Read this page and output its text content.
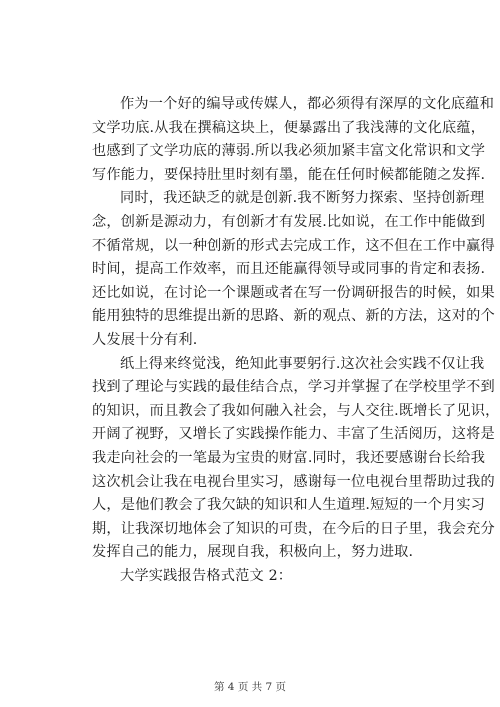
作为一个好的编导或传媒人，都必须得有深厚的文化底蕴和
文学功底.从我在撰稿这块上，便暴露出了我浅薄的文化底蕴，
也感到了文学功底的薄弱.所以我必须加紧丰富文化常识和文学
写作能力，要保持肚里时刻有墨，能在任何时候都能随之发挥.
同时，我还缺乏的就是创新.我不断努力探索、坚持创新理
念，创新是源动力，有创新才有发展.比如说，在工作中能做到
不循常规，以一种创新的形式去完成工作，这不但在工作中赢得
时间，提高工作效率，而且还能赢得领导或同事的肯定和表扬.
还比如说，在讨论一个课题或者在写一份调研报告的时候，如果
能用独特的思维提出新的思路、新的观点、新的方法，这对的个
人发展十分有利.
纸上得来终觉浅，绝知此事要躬行.这次社会实践不仅让我
找到了理论与实践的最佳结合点，学习并掌握了在学校里学不到
的知识，而且教会了我如何融入社会，与人交往.既增长了见识，
开阔了视野，又增长了实践操作能力、丰富了生活阅历，这将是
我走向社会的一笔最为宝贵的财富.同时，我还要感谢台长给我
这次机会让我在电视台里实习，感谢每一位电视台里帮助过我的
人，是他们教会了我欠缺的知识和人生道理.短短的一个月实习
期，让我深切地体会了知识的可贵，在今后的日子里，我会充分
发挥自己的能力，展现自我，积极向上，努力进取.
大学实践报告格式范文 2：
第 4 页 共 7 页
